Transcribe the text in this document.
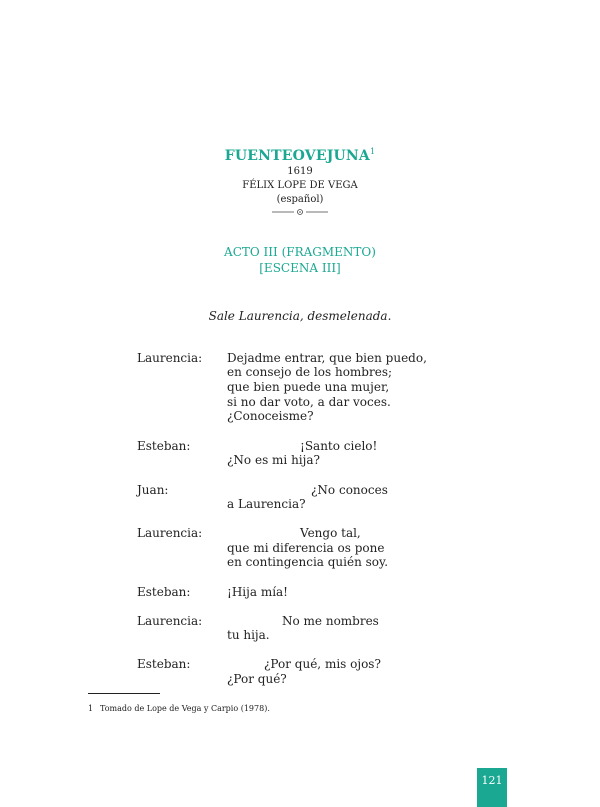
FUENTEOVEJUNA$^1$
1619
FÉLIX LOPE DE VEGA
(español)
ACTO III (FRAGMENTO)
[ESCENA III]
Sale Laurencia, desmelenada.
Laurencia: Dejadme entrar, que bien puedo,
en consejo de los hombres;
que bien puede una mujer,
si no dar voto, a dar voces.
¿Conoceisme?
Esteban:	¡Santo cielo!
¿No es mi hija?
Juan:	¿No conoces
a Laurencia?
Laurencia:	Vengo tal,
que mi diferencia os pone
en contingencia quién soy.
Esteban:	¡Hija mía!
Laurencia:	No me nombres
tu hija.
Esteban:	¿Por qué, mis ojos?
¿Por qué?
1 Tomado de Lope de Vega y Carpio (1978).
121
